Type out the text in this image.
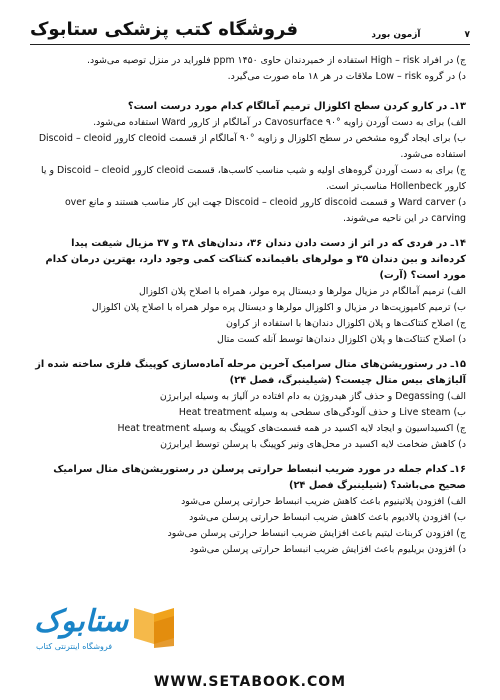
فروشگاه کتب پزشکی ستابوک	آزمون بورد	۷

ج) در افراد High – risk استفاده از خمیردندان حاوی ppm ۱۴۵۰ فلوراید در منزل توصیه می‌شود.

د) در گروه Low – risk ملاقات در هر ۱۸ ماه صورت می‌گیرد.

۱۳ـ در کارو کردن سطح اکلوزال ترمیم آمالگام کدام مورد درست است؟

الف) برای به دست آوردن زاویه °۹۰ Cavosurface در آمالگام از کارور Ward استفاده می‌شود.

ب) برای ایجاد گروه مشخص در سطح اکلوزال و زاویه °۹۰ آمالگام از قسمت cleoid کارور Discoid – cleoid استفاده می‌شود.

ج) برای به دست آوردن گروه‌های اولیه و شیب مناسب کاسب‌ها، قسمت cleoid کارور Discoid – cleoid و یا کارور Hollenbeck مناسب‌تر است.

د) Ward carver و قسمت discoid کارور Discoid – cleoid جهت این کار مناسب هستند و مانع over carving در این ناحیه می‌شوند.

۱۴ـ در فردی که در اثر از دست دادن دندان ۳۶، دندان‌های ۳۸ و ۳۷ مزیال شیفت پیدا کرده‌اند و بین دندان ۳۵ و مولرهای باقیمانده کنتاکت کمی وجود دارد، بهترین درمان کدام مورد است؟ (آرت)

الف) ترمیم آمالگام در مزیال مولرها و دیستال پره مولر، همراه با اصلاح پلان اکلوزال

ب) ترمیم کامپوزیت‌ها در مزیال و اکلوزال مولرها و دیستال پره مولر همراه با اصلاح پلان اکلوزال

ج) اصلاح کنتاکت‌ها و پلان اکلوزال دندان‌ها با استفاده از کراون

د) اصلاح کنتاکت‌ها و پلان اکلوزال دندان‌ها توسط آنله کست متال

۱۵ـ در رستوریشن‌های متال سرامیک آخرین مرحله آماده‌سازی کوپینگ فلزی ساخته شده از آلیاژهای بیس متال چیست؟ (شیلینبرگ، فصل ۲۴)

الف) Degassing و حذف گاز هیدروژن به دام افتاده در آلیاژ به وسیله ایرابرژن

ب) Live steam و حذف آلودگی‌های سطحی به وسیله Heat treatment

ج) اکسیداسیون و ایجاد لایه اکسید در همه قسمت‌های کوپینگ به وسیله Heat treatment

د) کاهش ضخامت لایه اکسید در محل‌های ونیر کوپینگ با پرسلن توسط ایرابرژن

۱۶ـ کدام جمله در مورد ضریب انبساط حرارتی پرسلن در رستوریشن‌های متال سرامیک صحیح می‌باشد؟ (شیلینبرگ فصل ۲۴)

الف) افزودن پلاتینیوم باعث کاهش ضریب انبساط حرارتی پرسلن می‌شود

ب) افزودن پالادیوم باعث کاهش ضریب انبساط حرارتی پرسلن می‌شود

ج) افزودن کربنات لیتیم باعث افزایش ضریب انبساط حرارتی پرسلن می‌شود

د) افزودن بریلیوم باعث افزایش ضریب انبساط حرارتی پرسلن می‌شود

ستابوک
فروشگاه اینترنتی کتاب
WWW.SETABOOK.COM
